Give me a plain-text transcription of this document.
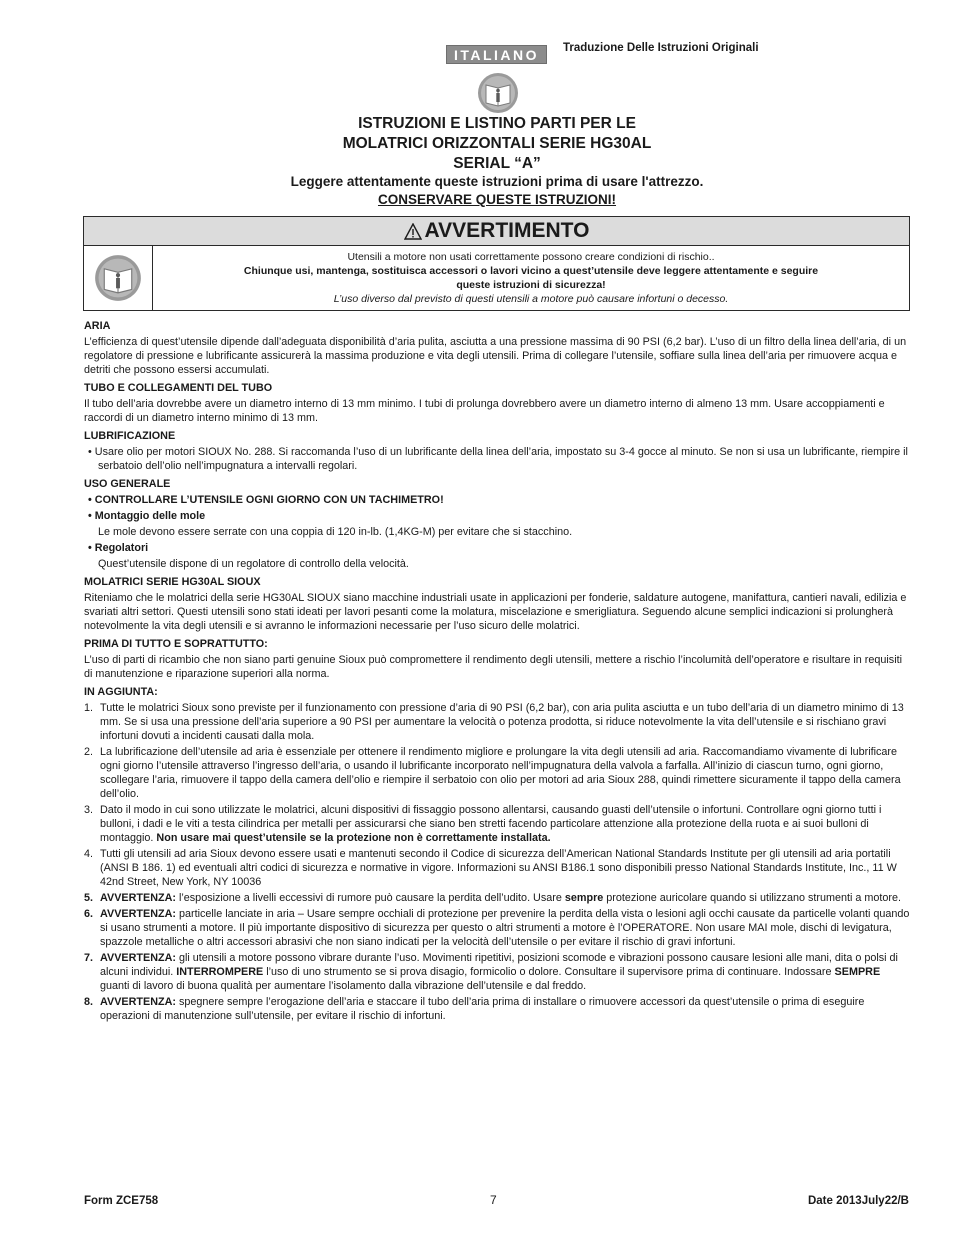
ITALIANO	Traduzione Delle Istruzioni Originali
ISTRUZIONI E LISTINO PARTI PER LE
MOLATRICI ORIZZONTALI SERIE HG30AL
SERIAL “A”
Leggere attentamente queste istruzioni prima di usare l'attrezzo.
CONSERVARE QUESTE ISTRUZIONI!
AVVERTIMENTO
Utensili a motore non usati correttamente possono creare condizioni di rischio..
Chiunque usi, mantenga, sostituisca accessori o lavori vicino a quest’utensile deve leggere attentamente e seguire
queste istruzioni di sicurezza!
L’uso diverso dal previsto di questi utensili a motore può causare infortuni o decesso.
ARIA
L’efficienza di quest’utensile dipende dall’adeguata disponibilità d’aria pulita, asciutta a una pressione massima di 90 PSI (6,2 bar). L’uso di un filtro della linea dell’aria, di un regolatore di pressione e lubrificante assicurerà la massima produzione e vita degli utensili. Prima di collegare l’utensile, soffiare sulla linea dell’aria per rimuovere acqua e detriti che possono essersi accumulati.
TUBO E COLLEGAMENTI DEL TUBO
Il tubo dell’aria dovrebbe avere un diametro interno di 13 mm minimo. I tubi di prolunga dovrebbero avere un diametro interno di almeno 13 mm. Usare accoppiamenti e raccordi di un diametro interno minimo di 13 mm.
LUBRIFICAZIONE
• Usare olio per motori SIOUX No. 288. Si raccomanda l’uso di un lubrificante della linea dell’aria, impostato su 3-4 gocce al minuto. Se non si usa un lubrificante, riempire il serbatoio dell’olio nell’impugnatura a intervalli regolari.
USO GENERALE
• CONTROLLARE L’UTENSILE OGNI GIORNO CON UN TACHIMETRO!
• Montaggio delle mole
Le mole devono essere serrate con una coppia di 120 in-lb. (1,4KG-M) per evitare che si stacchino.
• Regolatori
Quest’utensile dispone di un regolatore di controllo della velocità.
MOLATRICI SERIE HG30AL SIOUX
Riteniamo che le molatrici della serie HG30AL SIOUX siano macchine industriali usate in applicazioni per fonderie, saldature autogene, manifattura, cantieri navali, edilizia e svariati altri settori. Questi utensili sono stati ideati per lavori pesanti come la molatura, miscelazione e smerigliatura. Seguendo alcune semplici indicazioni si prolungherà notevolmente la vita degli utensili e si avranno le informazioni necessarie per l’uso sicuro delle molatrici.
PRIMA DI TUTTO E SOPRATTUTTO:
L’uso di parti di ricambio che non siano parti genuine Sioux può compromettere il rendimento degli utensili, mettere a rischio l’incolumità dell’operatore e risultare in requisiti di manutenzione e riparazione superiori alla norma.
IN AGGIUNTA:
1. Tutte le molatrici Sioux sono previste per il funzionamento con pressione d’aria di 90 PSI (6,2 bar), con aria pulita asciutta e un tubo dell’aria di un diametro minimo di 13 mm. Se si usa una pressione dell’aria superiore a 90 PSI per aumentare la velocità o potenza prodotta, si riduce notevolmente la vita dell’utensile e si rischiano gravi infortuni dovuti a incidenti causati dalla mola.
2. La lubrificazione dell’utensile ad aria è essenziale per ottenere il rendimento migliore e prolungare la vita degli utensili ad aria. Raccomandiamo vivamente di lubrificare ogni giorno l’utensile attraverso l’ingresso dell’aria, o usando il lubrificante incorporato nell’impugnatura della valvola a farfalla. All’inizio di ciascun turno, ogni giorno, scollegare l’aria, rimuovere il tappo della camera dell’olio e riempire il serbatoio con olio per motori ad aria Sioux 288, quindi rimettere sicuramente il tappo della camera dell’olio.
3. Dato il modo in cui sono utilizzate le molatrici, alcuni dispositivi di fissaggio possono allentarsi, causando guasti dell’utensile o infortuni. Controllare ogni giorno tutti i bulloni, i dadi e le viti a testa cilindrica per metalli per assicurarsi che siano ben stretti facendo particolare attenzione alla protezione della ruota e ai suoi bulloni di montaggio. Non usare mai quest’utensile se la protezione non è correttamente installata.
4. Tutti gli utensili ad aria Sioux devono essere usati e mantenuti secondo il Codice di sicurezza dell’American National Standards Institute per gli utensili ad aria portatili (ANSI B 186. 1) ed eventuali altri codici di sicurezza e normative in vigore. Informazioni su ANSI B186.1 sono disponibili presso National Standards Institute, Inc., 11 W 42nd Street, New York, NY 10036
5. AVVERTENZA: l’esposizione a livelli eccessivi di rumore può causare la perdita dell’udito. Usare sempre protezione auricolare quando si utilizzano strumenti a motore.
6. AVVERTENZA: particelle lanciate in aria – Usare sempre occhiali di protezione per prevenire la perdita della vista o lesioni agli occhi causate da particelle volanti quando si usano strumenti a motore. Il più importante dispositivo di sicurezza per questo o altri strumenti a motore è l’OPERATORE. Non usare MAI mole, dischi di levigatura, spazzole metalliche o altri accessori abrasivi che non siano indicati per la velocità dell’utensile o per evitare il rischio di gravi infortuni.
7. AVVERTENZA: gli utensili a motore possono vibrare durante l’uso. Movimenti ripetitivi, posizioni scomode e vibrazioni possono causare lesioni alle mani, dita o polsi di alcuni individui. INTERROMPERE l’uso di uno strumento se si prova disagio, formicolio o dolore. Consultare il supervisore prima di continuare. Indossare SEMPRE guanti di lavoro di buona qualità per aumentare l’isolamento dalla vibrazione dell’utensile e dal freddo.
8. AVVERTENZA: spegnere sempre l’erogazione dell’aria e staccare il tubo dell’aria prima di installare o rimuovere accessori da quest’utensile o prima di eseguire operazioni di manutenzione sull’utensile, per evitare il rischio di infortuni.
Form ZCE758	7	Date 2013July22/B
